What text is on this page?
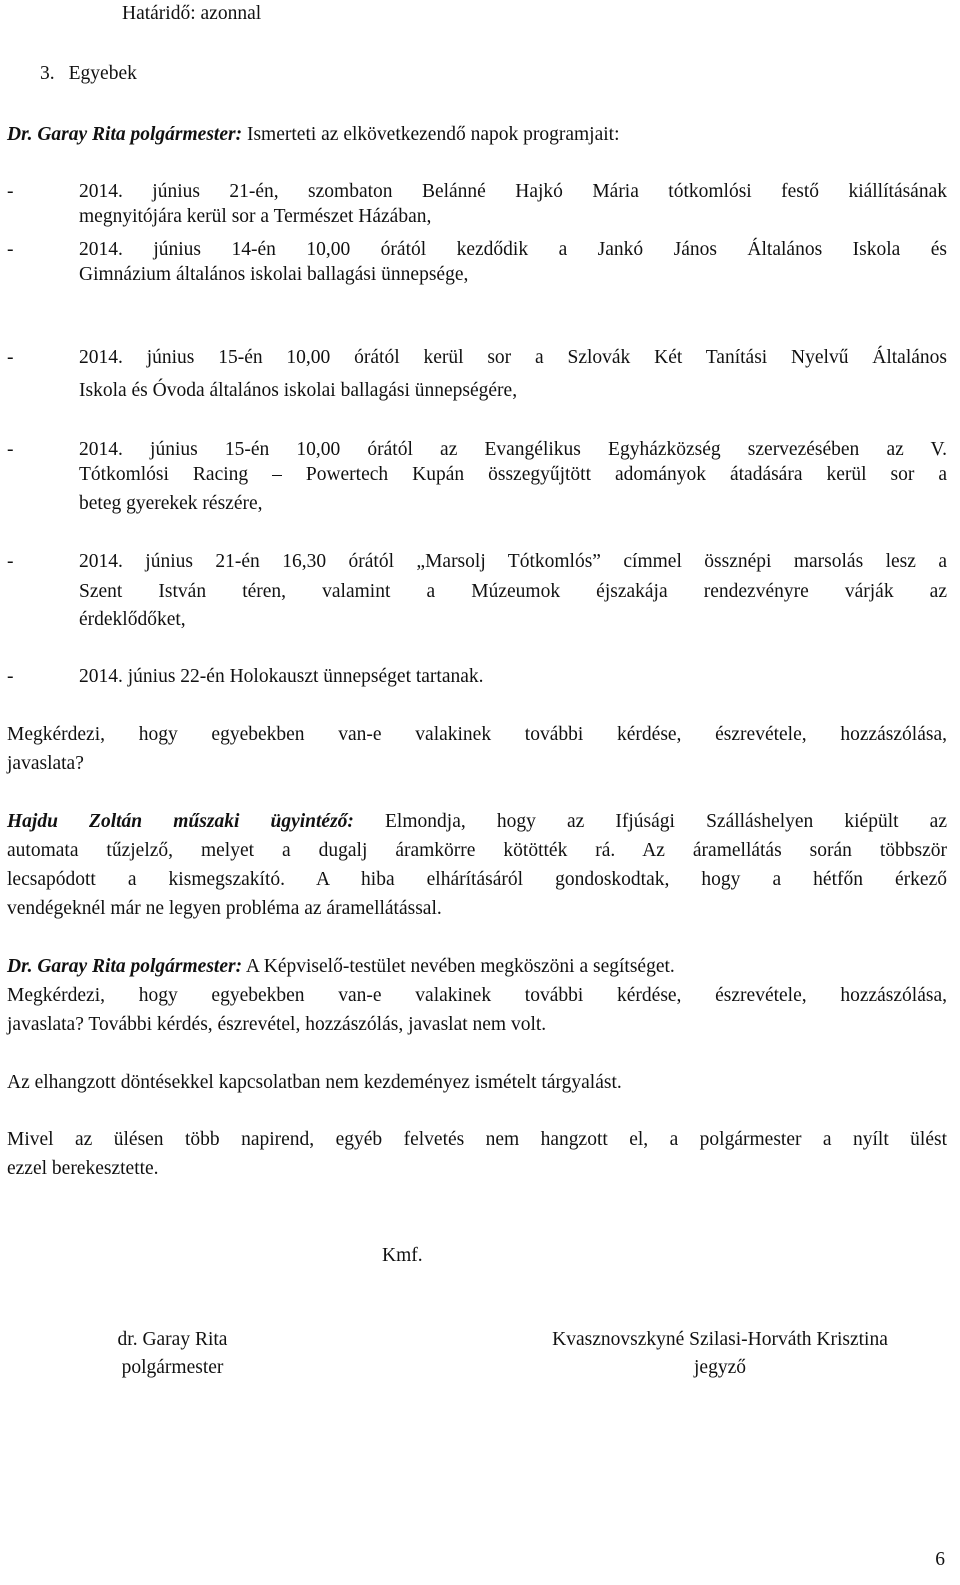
Határidő: azonnal
3. Egyebek
Dr. Garay Rita polgármester: Ismerteti az elkövetkezendő napok programjait:
-	2014. június 21-én, szombaton Belánné Hajkó Mária tótkomlósi festő kiállításának
megnyitójára kerül sor a Természet Házában,
-	2014. június 14-én 10,00 órától kezdődik a Jankó János Általános Iskola és
Gimnázium általános iskolai ballagási ünnepsége,
-	2014. június 15-én 10,00 órától kerül sor a Szlovák Két Tanítási Nyelvű Általános
Iskola és Óvoda általános iskolai ballagási ünnepségére,
-	2014. június 15-én 10,00 órától az Evangélikus Egyházközség szervezésében az V.
Tótkomlósi Racing – Powertech Kupán összegyűjtött adományok átadására kerül sor a
beteg gyerekek részére,
-	2014. június 21-én 16,30 órától „Marsolj Tótkomlós” címmel össznépi marsolás lesz a
Szent István téren, valamint a Múzeumok éjszakája rendezvényre várják az
érdeklődőket,
-	2014. június 22-én Holokauszt ünnepséget tartanak.
Megkérdezi, hogy egyebekben van-e valakinek további kérdése, észrevétele, hozzászólása,
javaslata?
Hajdu Zoltán műszaki ügyintéző: Elmondja, hogy az Ifjúsági Szálláshelyen kiépült az
automata tűzjelző, melyet a dugalj áramkörre kötötték rá. Az áramellátás során többször
lecsapódott a kismegszakító. A hiba elhárításáról gondoskodtak, hogy a hétfőn érkező
vendégeknél már ne legyen probléma az áramellátással.
Dr. Garay Rita polgármester: A Képviselő-testület nevében megköszöni a segítséget.
Megkérdezi, hogy egyebekben van-e valakinek további kérdése, észrevétele, hozzászólása,
javaslata? További kérdés, észrevétel, hozzászólás, javaslat nem volt.
Az elhangzott döntésekkel kapcsolatban nem kezdeményez ismételt tárgyalást.
Mivel az ülésen több napirend, egyéb felvetés nem hangzott el, a polgármester a nyílt ülést
ezzel berekesztette.
Kmf.
dr. Garay Rita
polgármester
Kvasznovszkyné Szilasi-Horváth Krisztina
jegyző
6
